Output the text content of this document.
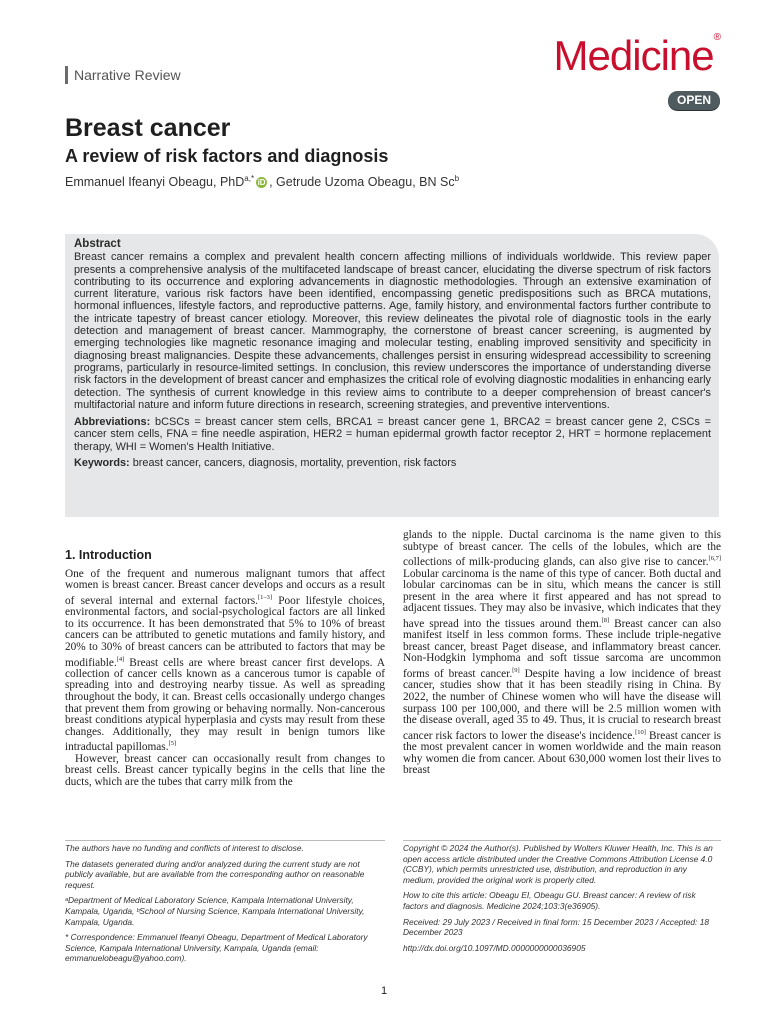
Narrative Review	Medicine®
OPEN
Breast cancer
A review of risk factors and diagnosis
Emmanuel Ifeanyi Obeagu, PhD$^{a,*}$ iD , Getrude Uzoma Obeagu, BN Sc$^b$
Abstract

Breast cancer remains a complex and prevalent health concern affecting millions of individuals worldwide. This review paper presents a comprehensive analysis of the multifaceted landscape of breast cancer, elucidating the diverse spectrum of risk factors contributing to its occurrence and exploring advancements in diagnostic methodologies. Through an extensive examination of current literature, various risk factors have been identified, encompassing genetic predispositions such as BRCA mutations, hormonal influences, lifestyle factors, and reproductive patterns. Age, family history, and environmental factors further contribute to the intricate tapestry of breast cancer etiology. Moreover, this review delineates the pivotal role of diagnostic tools in the early detection and management of breast cancer. Mammography, the cornerstone of breast cancer screening, is augmented by emerging technologies like magnetic resonance imaging and molecular testing, enabling improved sensitivity and specificity in diagnosing breast malignancies. Despite these advancements, challenges persist in ensuring widespread accessibility to screening programs, particularly in resource-limited settings. In conclusion, this review underscores the importance of understanding diverse risk factors in the development of breast cancer and emphasizes the critical role of evolving diagnostic modalities in enhancing early detection. The synthesis of current knowledge in this review aims to contribute to a deeper comprehension of breast cancer's multifactorial nature and inform future directions in research, screening strategies, and preventive interventions.

Abbreviations: bCSCs = breast cancer stem cells, BRCA1 = breast cancer gene 1, BRCA2 = breast cancer gene 2, CSCs = cancer stem cells, FNA = fine needle aspiration, HER2 = human epidermal growth factor receptor 2, HRT = hormone replacement therapy, WHI = Women's Health Initiative.

Keywords: breast cancer, cancers, diagnosis, mortality, prevention, risk factors

1. Introduction

One of the frequent and numerous malignant tumors that affect women is breast cancer. Breast cancer develops and occurs as a result of several internal and external factors.[1–3] Poor lifestyle choices, environmental factors, and social-psychological factors are all linked to its occurrence. It has been demonstrated that 5% to 10% of breast cancers can be attributed to genetic mutations and family history, and 20% to 30% of breast cancers can be attributed to factors that may be modifiable.[4] Breast cells are where breast cancer first develops. A collection of cancer cells known as a cancerous tumor is capable of spreading into and destroying nearby tissue. As well as spreading throughout the body, it can. Breast cells occasionally undergo changes that prevent them from growing or behaving normally. Non-cancerous breast conditions atypical hyperplasia and cysts may result from these changes. Additionally, they may result in benign tumors like intraductal papillomas.[5]

However, breast cancer can occasionally result from changes to breast cells. Breast cancer typically begins in the cells that line the ducts, which are the tubes that carry milk from the

glands to the nipple. Ductal carcinoma is the name given to this subtype of breast cancer. The cells of the lobules, which are the collections of milk-producing glands, can also give rise to cancer.[6,7] Lobular carcinoma is the name of this type of cancer. Both ductal and lobular carcinomas can be in situ, which means the cancer is still present in the area where it first appeared and has not spread to adjacent tissues. They may also be invasive, which indicates that they have spread into the tissues around them.[8] Breast cancer can also manifest itself in less common forms. These include triple-negative breast cancer, breast Paget disease, and inflammatory breast cancer. Non-Hodgkin lymphoma and soft tissue sarcoma are uncommon forms of breast cancer.[9] Despite having a low incidence of breast cancer, studies show that it has been steadily rising in China. By 2022, the number of Chinese women who will have the disease will surpass 100 per 100,000, and there will be 2.5 million women with the disease overall, aged 35 to 49. Thus, it is crucial to research breast cancer risk factors to lower the disease's incidence.[10] Breast cancer is the most prevalent cancer in women worldwide and the main reason why women die from cancer. About 630,000 women lost their lives to breast

The authors have no funding and conflicts of interest to disclose.

The datasets generated during and/or analyzed during the current study are not publicly available, but are available from the corresponding author on reasonable request.

ᵃDepartment of Medical Laboratory Science, Kampala International University, Kampala, Uganda, ᵇSchool of Nursing Science, Kampala International University, Kampala, Uganda.

* Correspondence: Emmanuel Ifeanyi Obeagu, Department of Medical Laboratory Science, Kampala International University, Kampala, Uganda (email: emmanuelobeagu@yahoo.com).

Copyright © 2024 the Author(s). Published by Wolters Kluwer Health, Inc. This is an open access article distributed under the Creative Commons Attribution License 4.0 (CCBY), which permits unrestricted use, distribution, and reproduction in any medium, provided the original work is properly cited.

How to cite this article: Obeagu EI, Obeagu GU. Breast cancer: A review of risk factors and diagnosis. Medicine 2024;103:3(e36905).

Received: 29 July 2023 / Received in final form: 15 December 2023 / Accepted: 18 December 2023

http://dx.doi.org/10.1097/MD.0000000000036905

1
